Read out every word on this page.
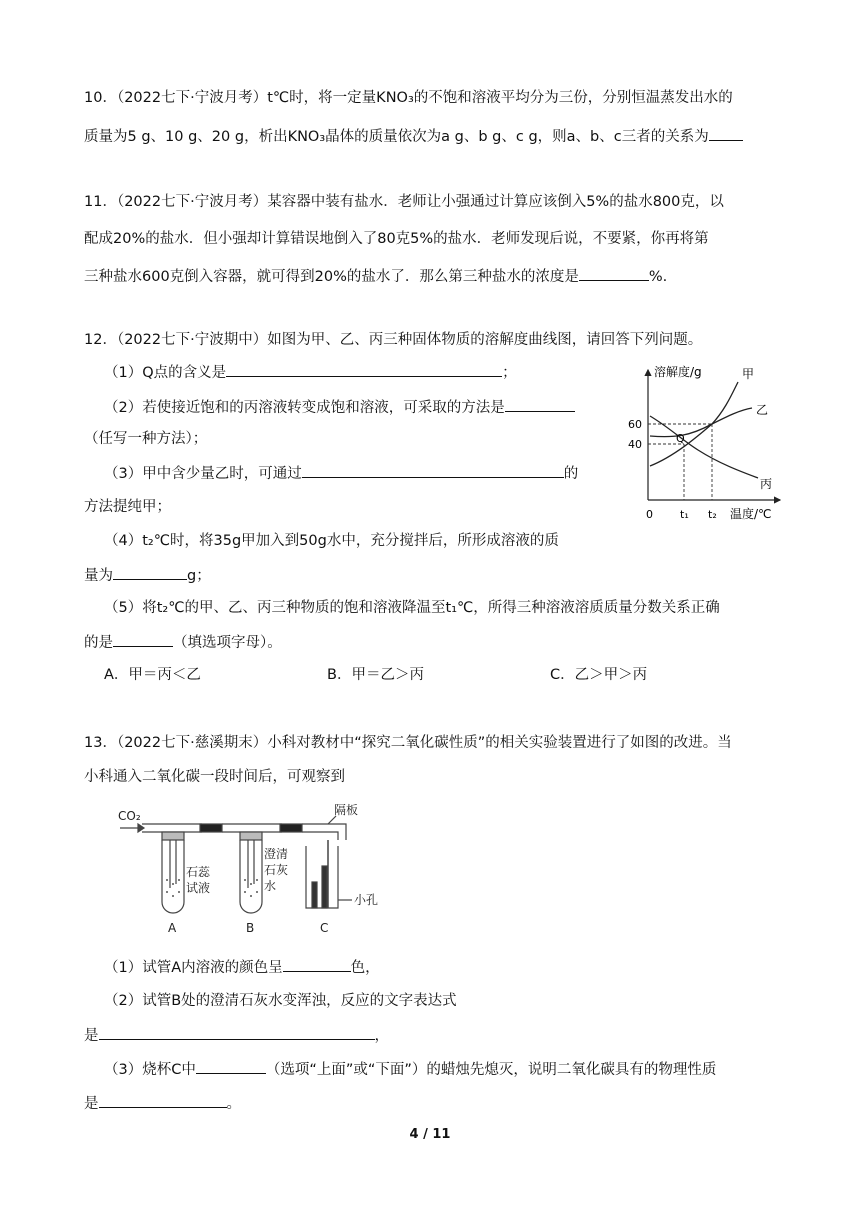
10．（2022七下·宁波月考）t℃时，将一定量KNO₃的不饱和溶液平均分为三份，分别恒温蒸发出水的
质量为5 g、10 g、20 g，析出KNO₃晶体的质量依次为a g、b g、c g，则a、b、c三者的关系为
11．（2022七下·宁波月考）某容器中装有盐水．老师让小强通过计算应该倒入5%的盐水800克，以
配成20%的盐水．但小强却计算错误地倒入了80克5%的盐水．老师发现后说，不要紧，你再将第
三种盐水600克倒入容器，就可得到20%的盐水了．那么第三种盐水的浓度是	%.
12．（2022七下·宁波期中）如图为甲、乙、丙三种固体物质的溶解度曲线图，请回答下列问题。
（1）Q点的含义是	；
（2）若使接近饱和的丙溶液转变成饱和溶液，可采取的方法是
（任写一种方法）；
（3）甲中含少量乙时，可通过	的
方法提纯甲；
（4）t₂℃时，将35g甲加入到50g水中，充分搅拌后，所形成溶液的质
量为	g；
（5）将t₂℃的甲、乙、丙三种物质的饱和溶液降温至t₁℃，所得三种溶液溶质质量分数关系正确
的是	（填选项字母）。
A．甲＝丙＜乙	B．甲＝乙＞丙	C．乙＞甲＞丙
溶解度/g
60
40
0 t₁ t₂ 温度/℃
甲
乙
丙
Q
13．（2022七下·慈溪期末）小科对教材中“探究二氧化碳性质”的相关实验装置进行了如图的改进。当
小科通入二氧化碳一段时间后，可观察到
CO₂	隔板
小孔
石蕊
试液
澄清
石灰
水
A	B	C
（1）试管A内溶液的颜色呈	色，
（2）试管B处的澄清石灰水变浑浊，反应的文字表达式
是	，
（3）烧杯C中	（选项“上面”或“下面”）的蜡烛先熄灭，说明二氧化碳具有的物理性质
是	。
4 / 11
